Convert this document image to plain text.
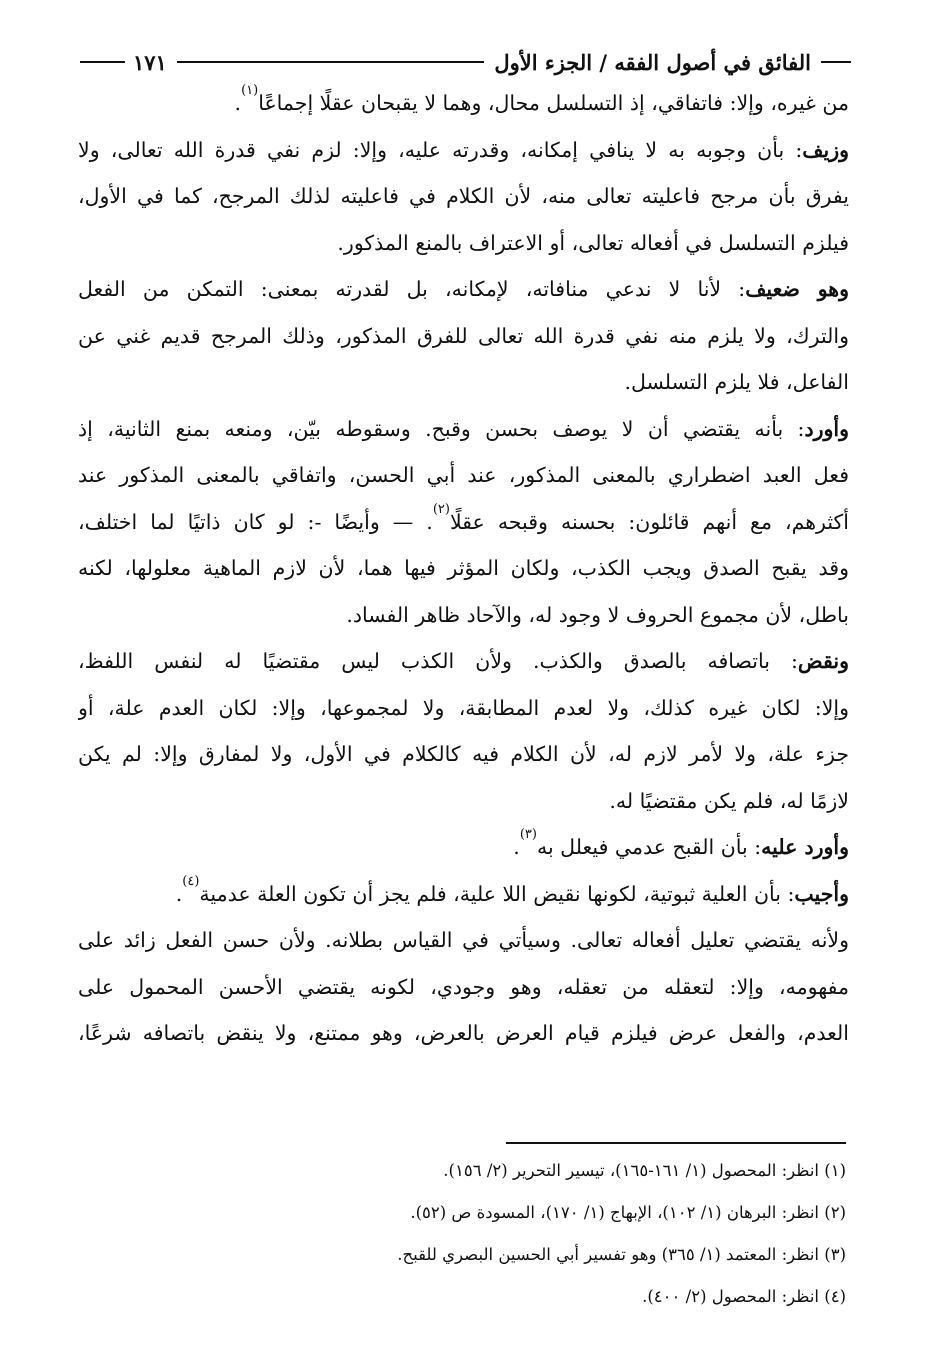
الفائق في أصول الفقه / الجزء الأول
١٧١
من غيره، وإلا: فاتفاقي، إذ التسلسل محال، وهما لا يقبحان عقلًا إجماعًا$^{(١)}$.
وزيف: بأن وجوبه به لا ينافي إمكانه، وقدرته عليه، وإلا: لزم نفي قدرة الله تعالى، ولا
يفرق بأن مرجح فاعليته تعالى منه، لأن الكلام في فاعليته لذلك المرجح، كما في الأول،
فيلزم التسلسل في أفعاله تعالى، أو الاعتراف بالمنع المذكور.
وهو ضعيف: لأنا لا ندعي منافاته، لإمكانه، بل لقدرته بمعنى: التمكن من الفعل
والترك، ولا يلزم منه نفي قدرة الله تعالى للفرق المذكور، وذلك المرجح قديم غني عن
الفاعل، فلا يلزم التسلسل.
وأورد: بأنه يقتضي أن لا يوصف بحسن وقبح. وسقوطه بيّن، ومنعه بمنع الثانية، إذ
فعل العبد اضطراري بالمعنى المذكور، عند أبي الحسن، واتفاقي بالمعنى المذكور عند
أكثرهم، مع أنهم قائلون: بحسنه وقبحه عقلًا$^{(٢)}$. — وأيضًا -: لو كان ذاتيًا لما اختلف،
وقد يقبح الصدق ويجب الكذب، ولكان المؤثر فيها هما، لأن لازم الماهية معلولها، لكنه
باطل، لأن مجموع الحروف لا وجود له، والآحاد ظاهر الفساد.
ونقض: باتصافه بالصدق والكذب. ولأن الكذب ليس مقتضيًا له لنفس اللفظ،
وإلا: لكان غيره كذلك، ولا لعدم المطابقة، ولا لمجموعها، وإلا: لكان العدم علة، أو
جزء علة، ولا لأمر لازم له، لأن الكلام فيه كالكلام في الأول، ولا لمفارق وإلا: لم يكن
لازمًا له، فلم يكن مقتضيًا له.
وأورد عليه: بأن القبح عدمي فيعلل به$^{(٣)}$.
وأجيب: بأن العلية ثبوتية، لكونها نقيض اللا علية، فلم يجز أن تكون العلة عدمية$^{(٤)}$.
ولأنه يقتضي تعليل أفعاله تعالى. وسيأتي في القياس بطلانه. ولأن حسن الفعل زائد على
مفهومه، وإلا: لتعقله من تعقله، وهو وجودي، لكونه يقتضي الأحسن المحمول على
العدم، والفعل عرض فيلزم قيام العرض بالعرض، وهو ممتنع، ولا ينقض باتصافه شرعًا،
(١) انظر: المحصول (١/ ١٦١-١٦٥)، تيسير التحرير (٢/ ١٥٦).
(٢) انظر: البرهان (١/ ١٠٢)، الإبهاج (١/ ١٧٠)، المسودة ص (٥٢).
(٣) انظر: المعتمد (١/ ٣٦٥) وهو تفسير أبي الحسين البصري للقبح.
(٤) انظر: المحصول (٢/ ٤٠٠).
